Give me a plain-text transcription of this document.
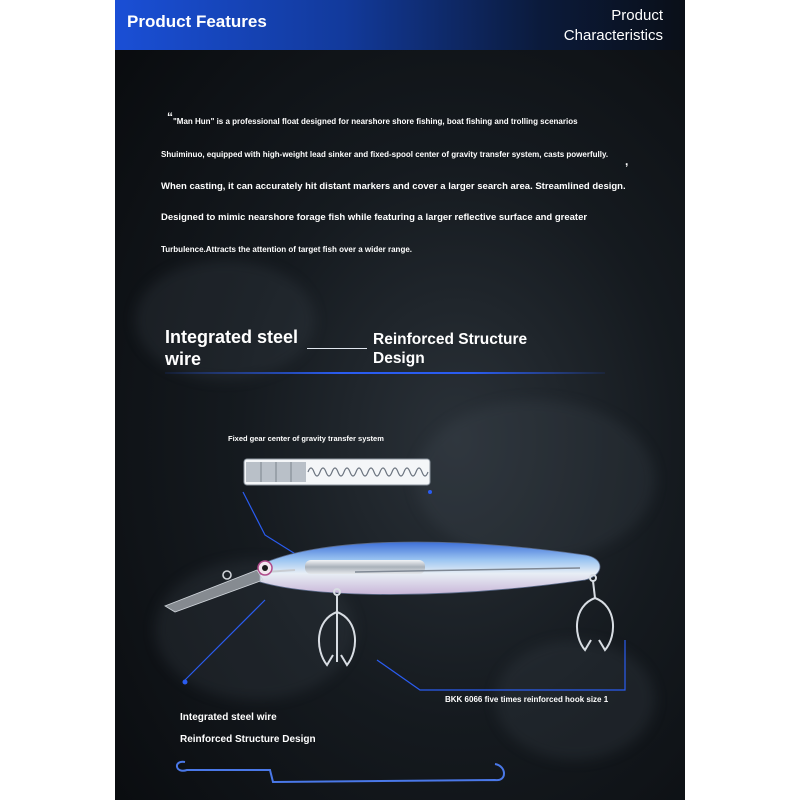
Product Features	Product
Characteristics
“ "Man Hun" is a professional float designed for nearshore shore fishing, boat fishing and trolling scenarios
Shuiminuo, equipped with high-weight lead sinker and fixed-spool center of gravity transfer system, casts powerfully. ,
When casting, it can accurately hit distant markers and cover a larger search area. Streamlined design.
Designed to mimic nearshore forage fish while featuring a larger reflective surface and greater
Turbulence.Attracts the attention of target fish over a wider range.
Integrated steel wire
Reinforced Structure Design
Fixed gear center of gravity transfer system
BKK 6066 five times reinforced hook size 1
Integrated steel wire
Reinforced Structure Design
